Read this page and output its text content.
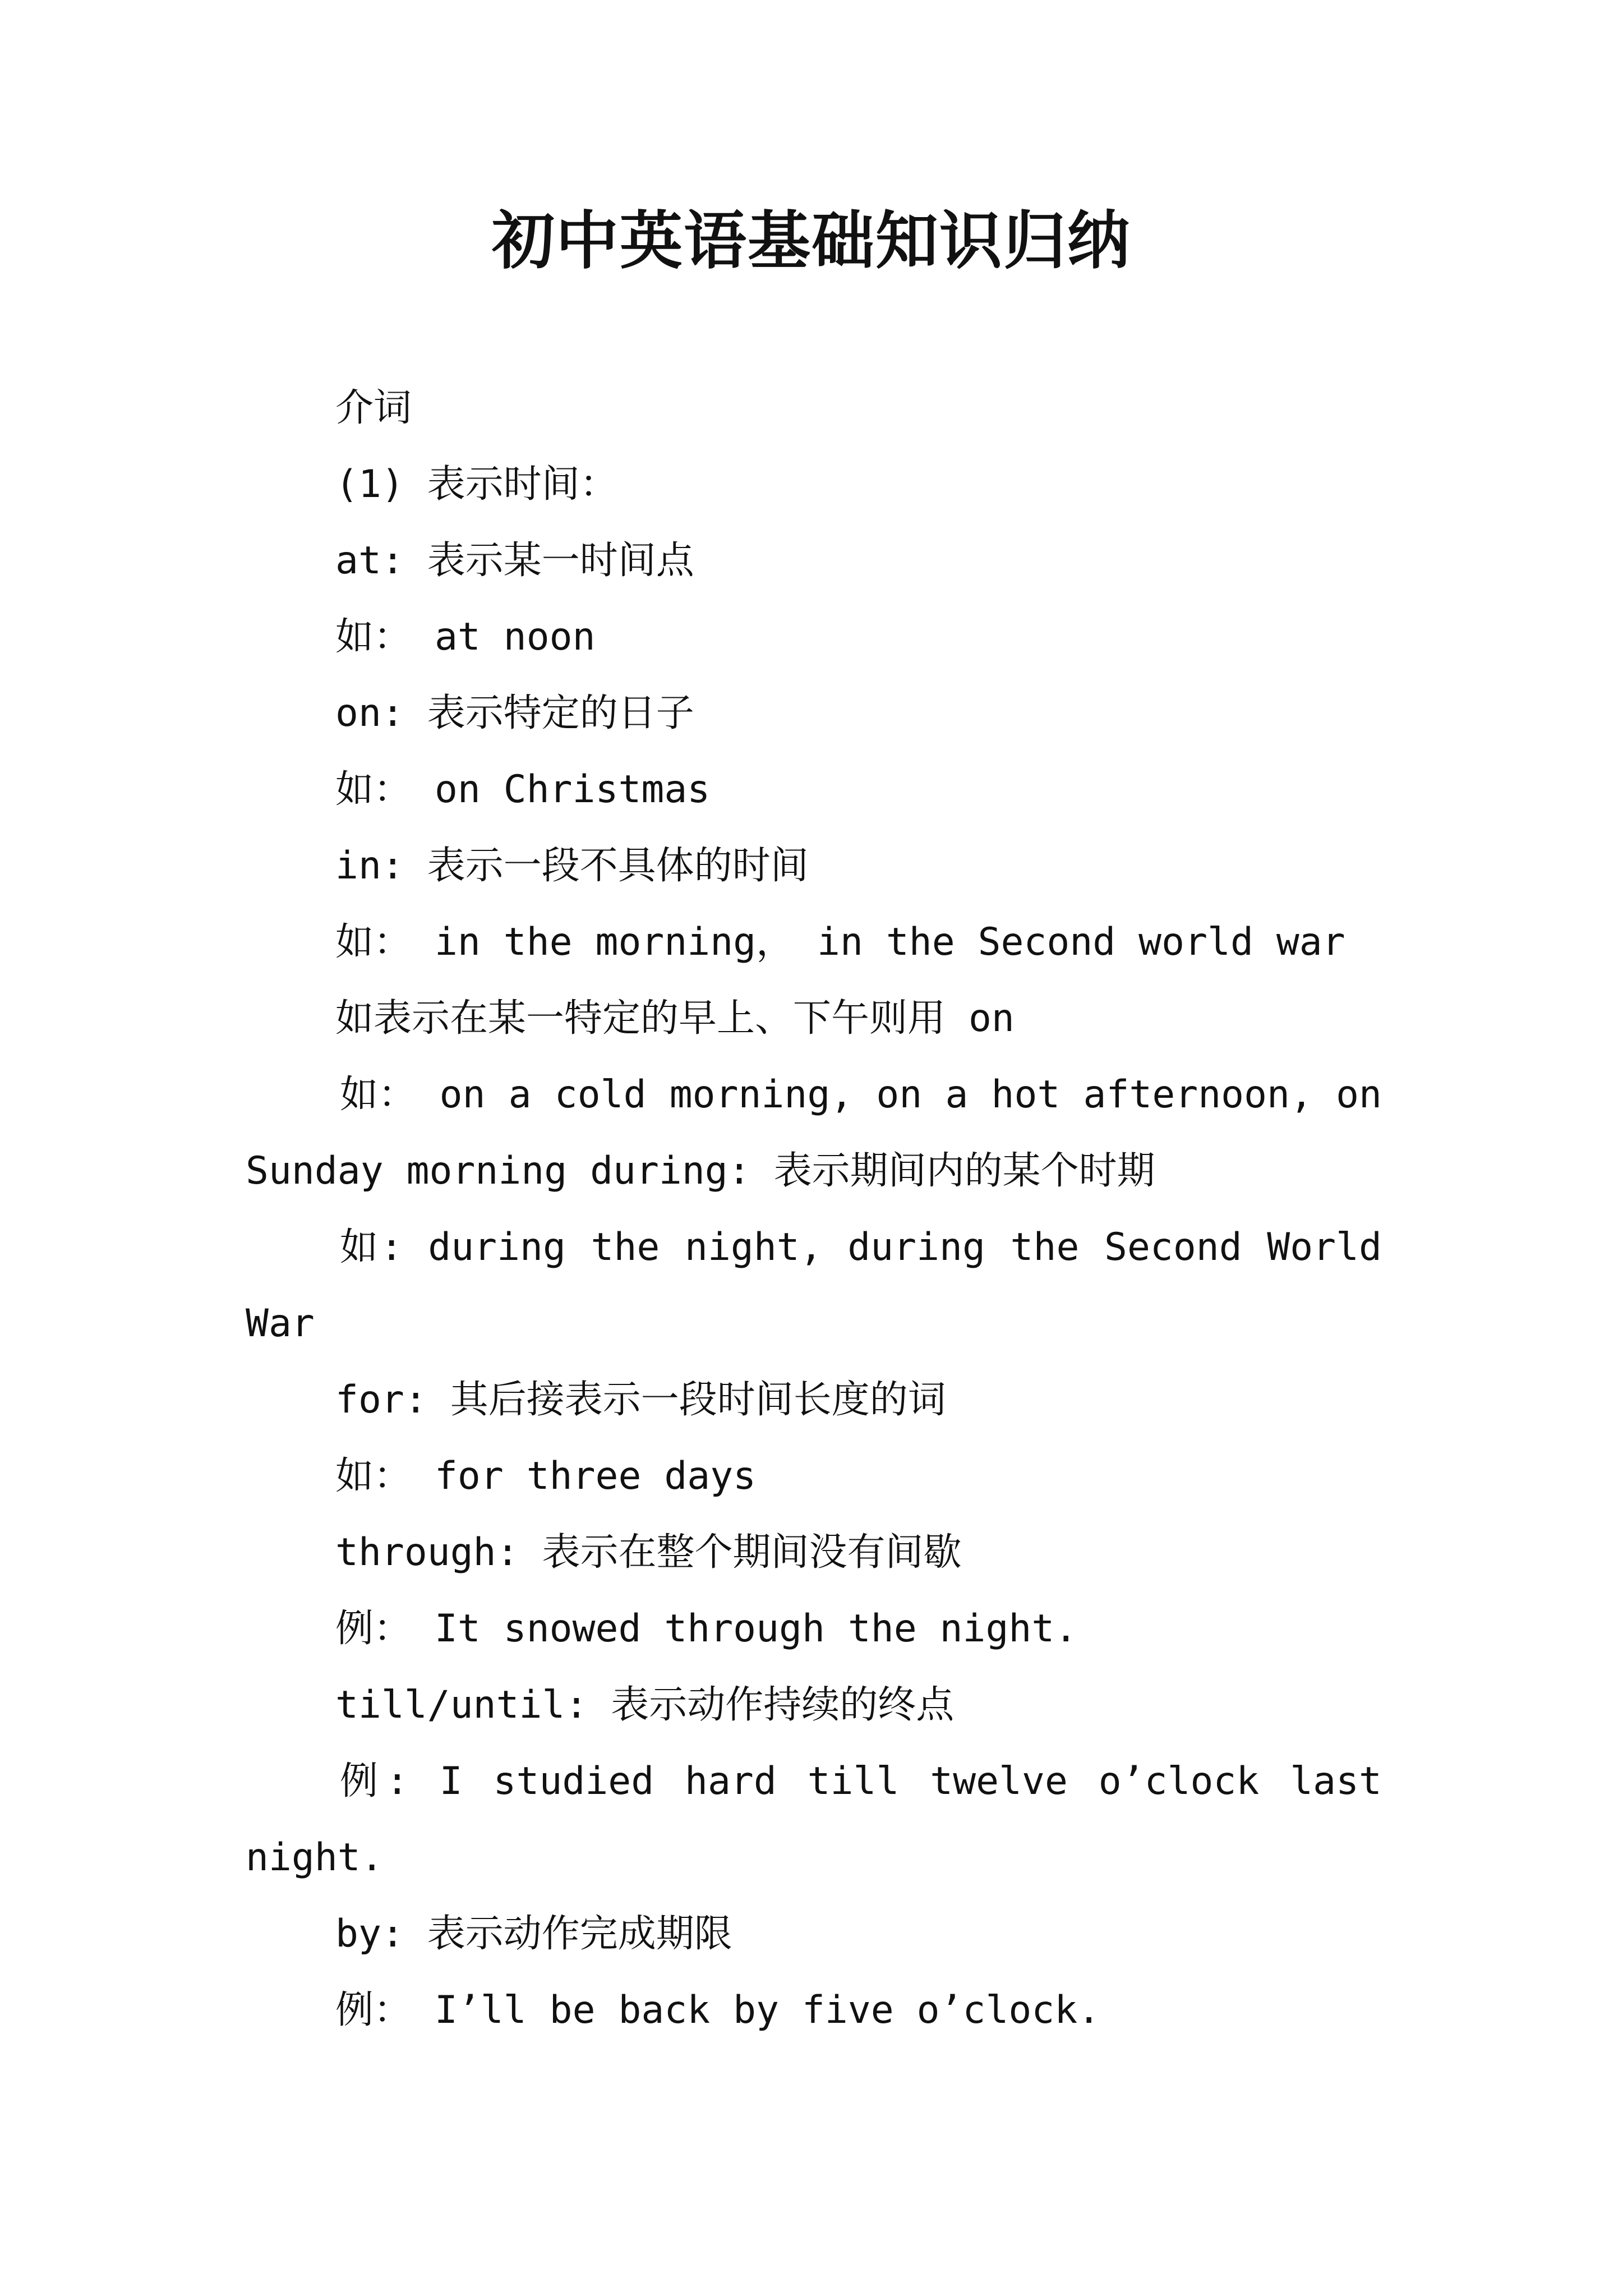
初中英语基础知识归纳
介词
(1) 表示时间：
at: 表示某一时间点
如： at noon
on: 表示特定的日子
如： on Christmas
in: 表示一段不具体的时间
如： in the morning， in the Second world war
如表示在某一特定的早上、下午则用 on
如： on a cold morning, on a hot afternoon, on
Sunday morning during: 表示期间内的某个时期
如: during the night, during the Second World
War
for: 其后接表示一段时间长度的词
如： for three days
through: 表示在整个期间没有间歇
例： It snowed through the night.
till/until: 表示动作持续的终点
例: I studied hard till twelve o’clock last
night.
by: 表示动作完成期限
例： I’ll be back by five o’clock.
